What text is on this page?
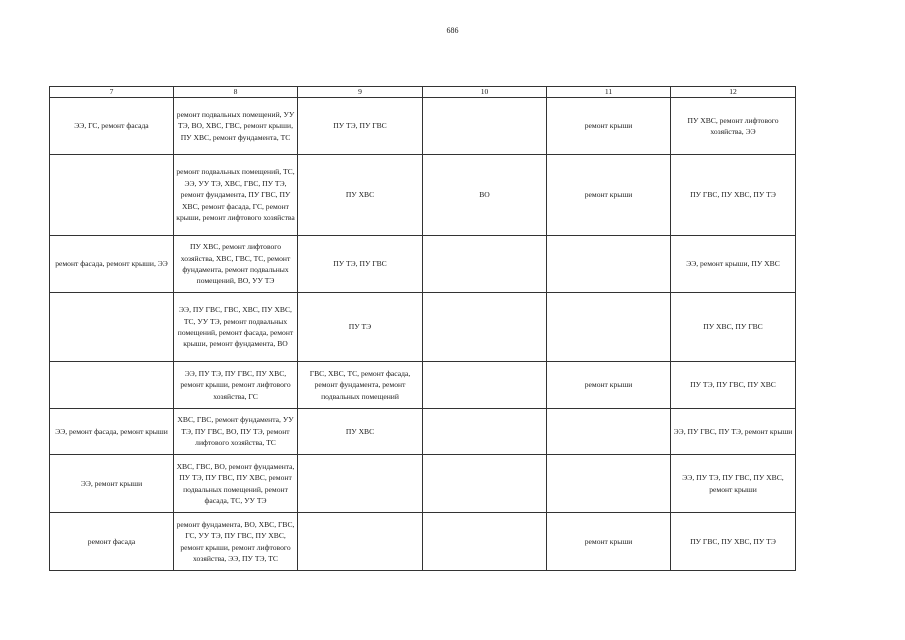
686
7	8	9	10	11	12
ЭЭ, ГС, ремонт фасада	ремонт подвальных помещений, УУ ТЭ, ВО, ХВС, ГВС, ремонт крыши, ПУ ХВС, ремонт фундамента, ТС	ПУ ТЭ, ПУ ГВС		ремонт крыши	ПУ ХВС, ремонт лифтового хозяйства, ЭЭ
	ремонт подвальных помещений, ТС, ЭЭ, УУ ТЭ, ХВС, ГВС, ПУ ТЭ, ремонт фундамента, ПУ ГВС, ПУ ХВС, ремонт фасада, ГС, ремонт крыши, ремонт лифтового хозяйства	ПУ ХВС	ВО	ремонт крыши	ПУ ГВС, ПУ ХВС, ПУ ТЭ
ремонт фасада, ремонт крыши, ЭЭ	ПУ ХВС, ремонт лифтового хозяйства, ХВС, ГВС, ТС, ремонт фундамента, ремонт подвальных помещений, ВО, УУ ТЭ	ПУ ТЭ, ПУ ГВС			ЭЭ, ремонт крыши, ПУ ХВС
	ЭЭ, ПУ ГВС, ГВС, ХВС, ПУ ХВС, ТС, УУ ТЭ, ремонт подвальных помещений, ремонт фасада, ремонт крыши, ремонт фундамента, ВО	ПУ ТЭ			ПУ ХВС, ПУ ГВС
	ЭЭ, ПУ ТЭ, ПУ ГВС, ПУ ХВС, ремонт крыши, ремонт лифтового хозяйства, ГС	ГВС, ХВС, ТС, ремонт фасада, ремонт фундамента, ремонт подвальных помещений		ремонт крыши	ПУ ТЭ, ПУ ГВС, ПУ ХВС
ЭЭ, ремонт фасада, ремонт крыши	ХВС, ГВС, ремонт фундамента, УУ ТЭ, ПУ ГВС, ВО, ПУ ТЭ, ремонт лифтового хозяйства, ТС	ПУ ХВС			ЭЭ, ПУ ГВС, ПУ ТЭ, ремонт крыши
ЭЭ, ремонт крыши	ХВС, ГВС, ВО, ремонт фундамента, ПУ ТЭ, ПУ ГВС, ПУ ХВС, ремонт подвальных помещений, ремонт фасада, ТС, УУ ТЭ				ЭЭ, ПУ ТЭ, ПУ ГВС, ПУ ХВС, ремонт крыши
ремонт фасада	ремонт фундамента, ВО, ХВС, ГВС, ГС, УУ ТЭ, ПУ ГВС, ПУ ХВС, ремонт крыши, ремонт лифтового хозяйства, ЭЭ, ПУ ТЭ, ТС			ремонт крыши	ПУ ГВС, ПУ ХВС, ПУ ТЭ
